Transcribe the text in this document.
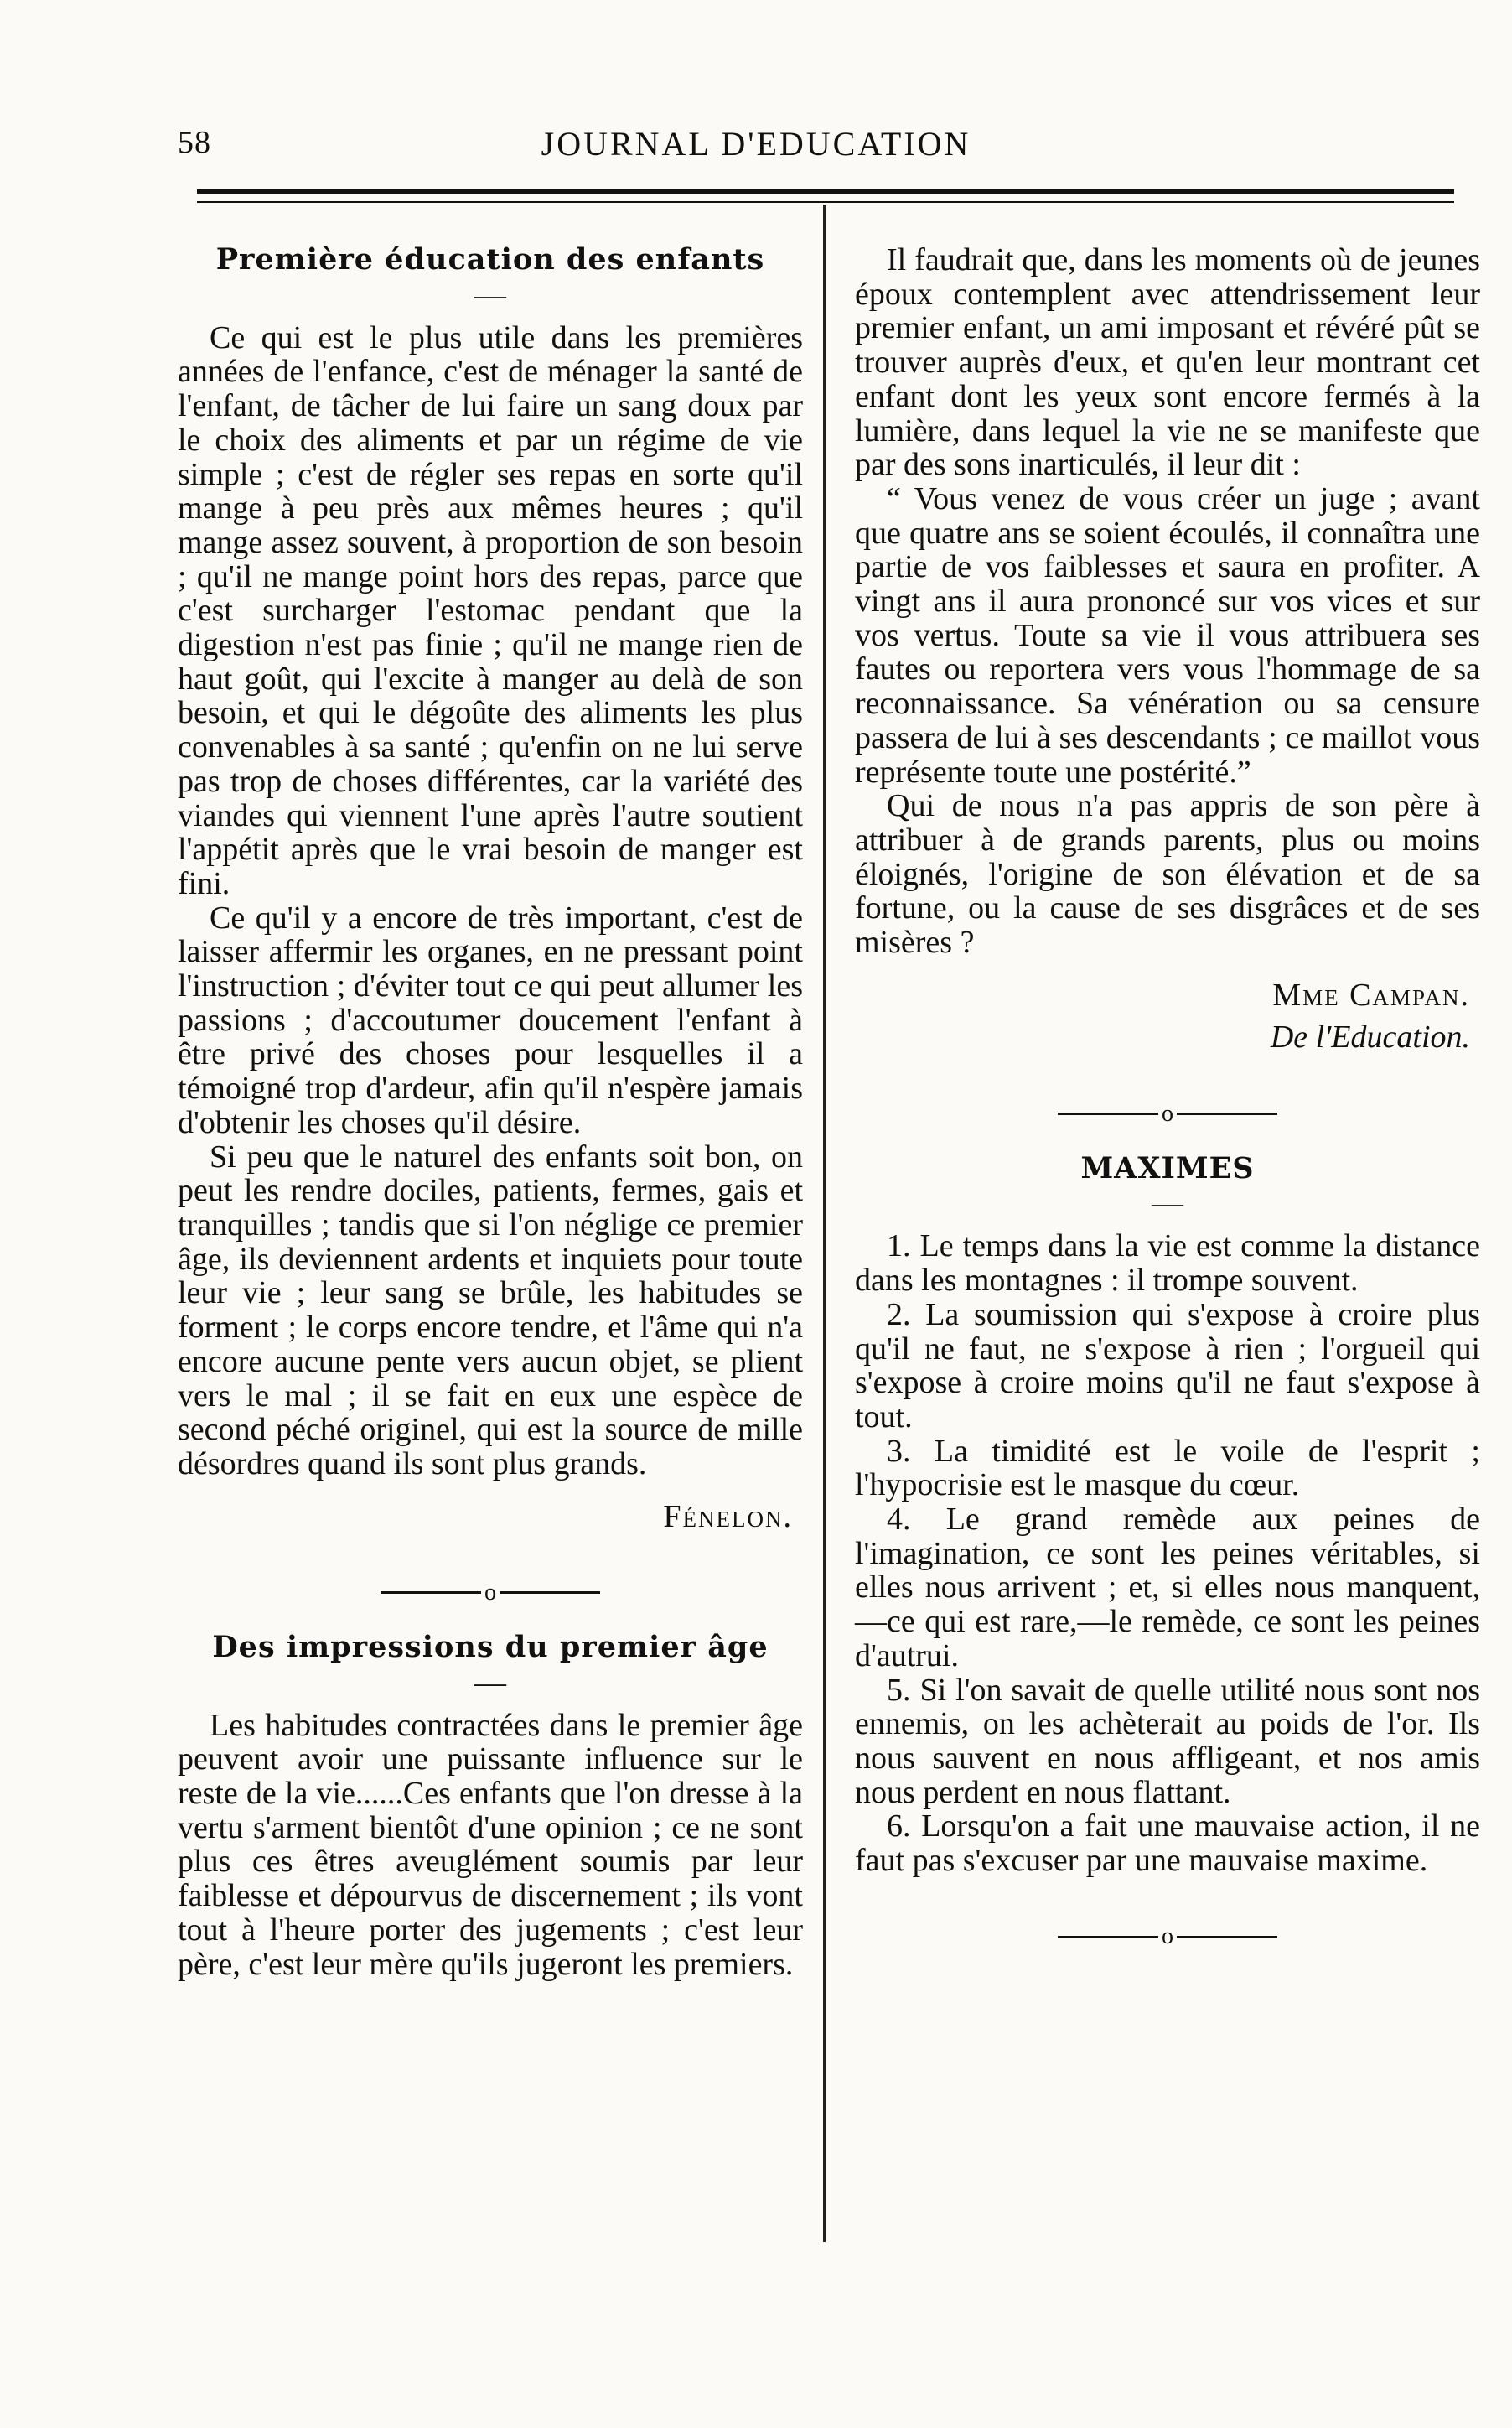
58	JOURNAL D'EDUCATION
Première éducation des enfants
—

Ce qui est le plus utile dans les premières années de l'enfance, c'est de ménager la santé de l'enfant, de tâcher de lui faire un sang doux par le choix des aliments et par un régime de vie simple ; c'est de régler ses repas en sorte qu'il mange à peu près aux mêmes heures ; qu'il mange assez souvent, à proportion de son besoin ; qu'il ne mange point hors des repas, parce que c'est surcharger l'estomac pendant que la digestion n'est pas finie ; qu'il ne mange rien de haut goût, qui l'excite à manger au delà de son besoin, et qui le dégoûte des aliments les plus convenables à sa santé ; qu'enfin on ne lui serve pas trop de choses différentes, car la variété des viandes qui viennent l'une après l'autre soutient l'appétit après que le vrai besoin de manger est fini.

Ce qu'il y a encore de très important, c'est de laisser affermir les organes, en ne pressant point l'instruction ; d'éviter tout ce qui peut allumer les passions ; d'accoutumer doucement l'enfant à être privé des choses pour lesquelles il a témoigné trop d'ardeur, afin qu'il n'espère jamais d'obtenir les choses qu'il désire.

Si peu que le naturel des enfants soit bon, on peut les rendre dociles, patients, fermes, gais et tranquilles ; tandis que si l'on néglige ce premier âge, ils deviennent ardents et inquiets pour toute leur vie ; leur sang se brûle, les habitudes se forment ; le corps encore tendre, et l'âme qui n'a encore aucune pente vers aucun objet, se plient vers le mal ; il se fait en eux une espèce de second péché originel, qui est la source de mille désordres quand ils sont plus grands.

Fénelon.
o
Des impressions du premier âge
—

Les habitudes contractées dans le premier âge peuvent avoir une puissante influence sur le reste de la vie......Ces enfants que l'on dresse à la vertu s'arment bientôt d'une opinion ; ce ne sont plus ces êtres aveuglément soumis par leur faiblesse et dépourvus de discernement ; ils vont tout à l'heure porter des jugements ; c'est leur père, c'est leur mère qu'ils jugeront les premiers.

Il faudrait que, dans les moments où de jeunes époux contemplent avec attendrissement leur premier enfant, un ami imposant et révéré pût se trouver auprès d'eux, et qu'en leur montrant cet enfant dont les yeux sont encore fermés à la lumière, dans lequel la vie ne se manifeste que par des sons inarticulés, il leur dit :

“ Vous venez de vous créer un juge ; avant que quatre ans se soient écoulés, il connaîtra une partie de vos faiblesses et saura en profiter. A vingt ans il aura prononcé sur vos vices et sur vos vertus. Toute sa vie il vous attribuera ses fautes ou reportera vers vous l'hommage de sa reconnaissance. Sa vénération ou sa censure passera de lui à ses descendants ; ce maillot vous représente toute une postérité.”

Qui de nous n'a pas appris de son père à attribuer à de grands parents, plus ou moins éloignés, l'origine de son élévation et de sa fortune, ou la cause de ses disgrâces et de ses misères ?

Mme Campan.
De l'Education.
o
MAXIMES
—

1. Le temps dans la vie est comme la distance dans les montagnes : il trompe souvent.

2. La soumission qui s'expose à croire plus qu'il ne faut, ne s'expose à rien ; l'orgueil qui s'expose à croire moins qu'il ne faut s'expose à tout.

3. La timidité est le voile de l'esprit ; l'hypocrisie est le masque du cœur.

4. Le grand remède aux peines de l'imagination, ce sont les peines véritables, si elles nous arrivent ; et, si elles nous manquent,—ce qui est rare,—le remède, ce sont les peines d'autrui.

5. Si l'on savait de quelle utilité nous sont nos ennemis, on les achèterait au poids de l'or. Ils nous sauvent en nous affligeant, et nos amis nous perdent en nous flattant.

6. Lorsqu'on a fait une mauvaise action, il ne faut pas s'excuser par une mauvaise maxime.

o
